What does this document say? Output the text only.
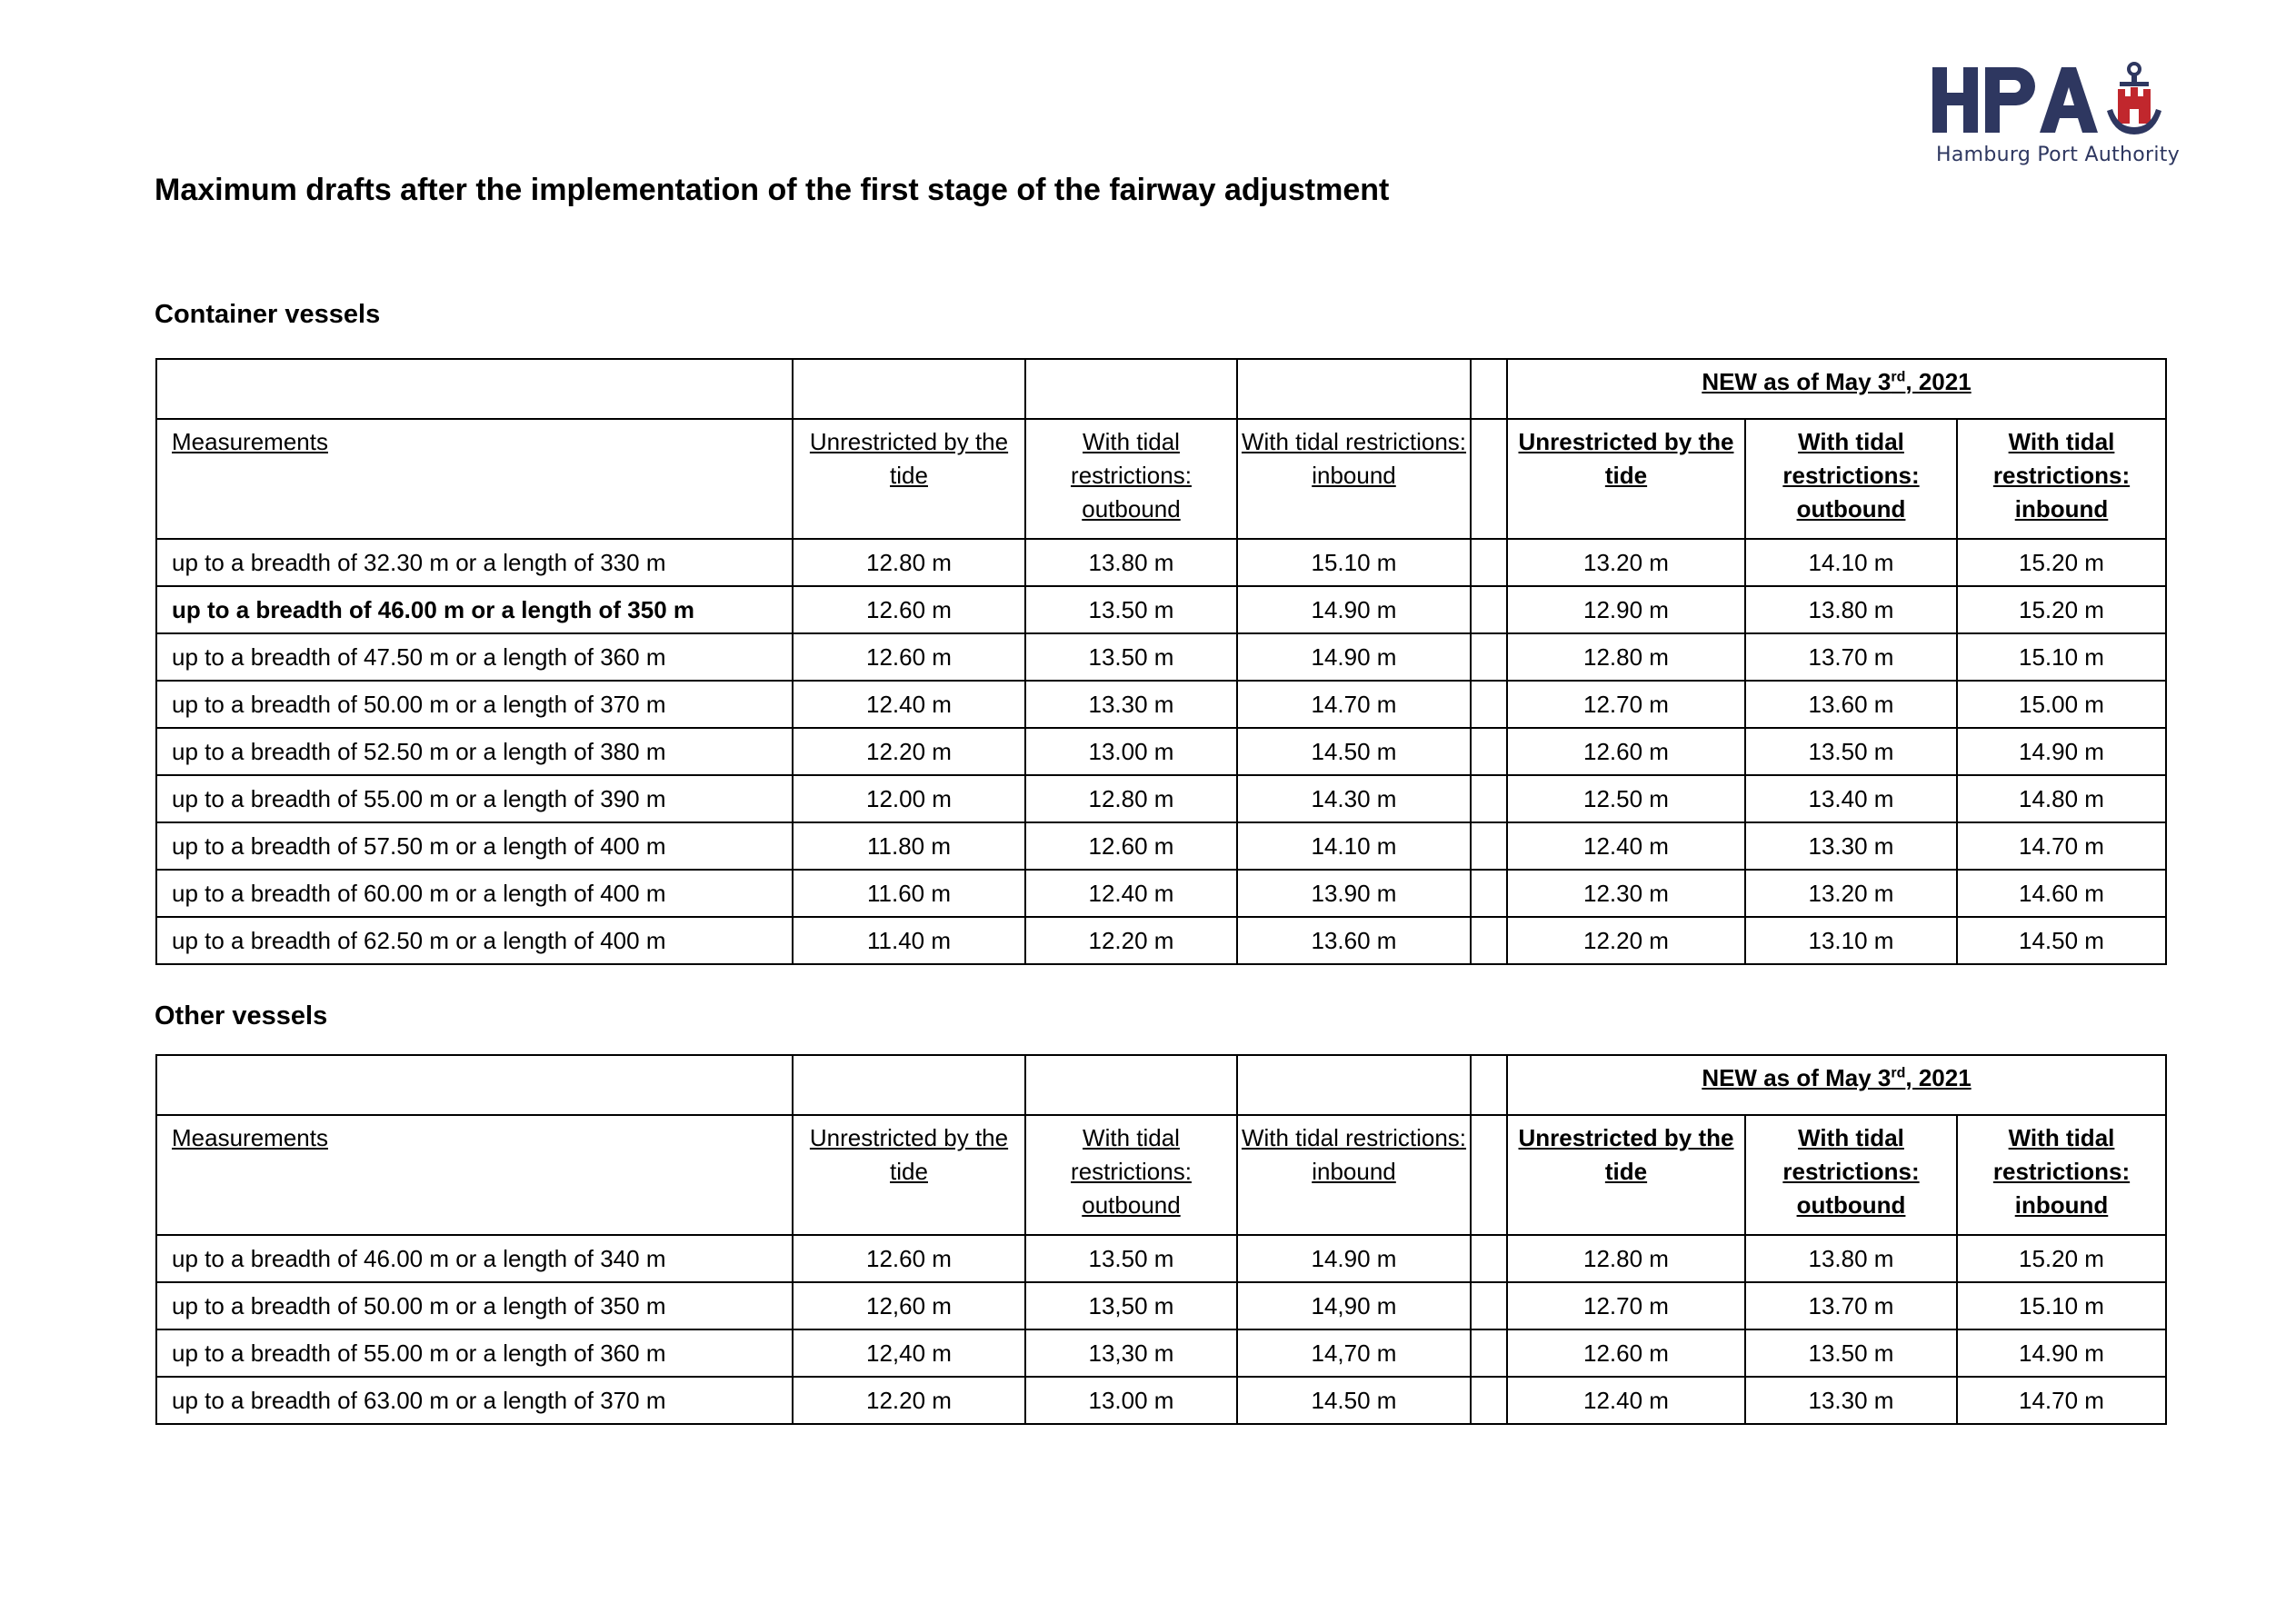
Hamburg Port Authority
Maximum drafts after the implementation of the first stage of the fairway adjustment
Container vessels

					NEW as of May 3rd, 2021		

Measurements	Unrestricted by the tide	With tidal restrictions: outbound	With tidal restrictions: inbound		Unrestricted by the tide	With tidal restrictions: outbound	With tidal restrictions: inbound
up to a breadth of 32.30 m or a length of 330 m	12.80 m	13.80 m	15.10 m		13.20 m	14.10 m	15.20 m
up to a breadth of 46.00 m or a length of 350 m	12.60 m	13.50 m	14.90 m		12.90 m	13.80 m	15.20 m
up to a breadth of 47.50 m or a length of 360 m	12.60 m	13.50 m	14.90 m		12.80 m	13.70 m	15.10 m
up to a breadth of 50.00 m or a length of 370 m	12.40 m	13.30 m	14.70 m		12.70 m	13.60 m	15.00 m
up to a breadth of 52.50 m or a length of 380 m	12.20 m	13.00 m	14.50 m		12.60 m	13.50 m	14.90 m
up to a breadth of 55.00 m or a length of 390 m	12.00 m	12.80 m	14.30 m		12.50 m	13.40 m	14.80 m
up to a breadth of 57.50 m or a length of 400 m	11.80 m	12.60 m	14.10 m		12.40 m	13.30 m	14.70 m
up to a breadth of 60.00 m or a length of 400 m	11.60 m	12.40 m	13.90 m		12.30 m	13.20 m	14.60 m
up to a breadth of 62.50 m or a length of 400 m	11.40 m	12.20 m	13.60 m		12.20 m	13.10 m	14.50 m
Other vessels

					NEW as of May 3rd, 2021		

Measurements	Unrestricted by the tide	With tidal restrictions: outbound	With tidal restrictions: inbound		Unrestricted by the tide	With tidal restrictions: outbound	With tidal restrictions: inbound
up to a breadth of 46.00 m or a length of 340 m	12.60 m	13.50 m	14.90 m		12.80 m	13.80 m	15.20 m
up to a breadth of 50.00 m or a length of 350 m	12,60 m	13,50 m	14,90 m		12.70 m	13.70 m	15.10 m
up to a breadth of 55.00 m or a length of 360 m	12,40 m	13,30 m	14,70 m		12.60 m	13.50 m	14.90 m
up to a breadth of 63.00 m or a length of 370 m	12.20 m	13.00 m	14.50 m		12.40 m	13.30 m	14.70 m
